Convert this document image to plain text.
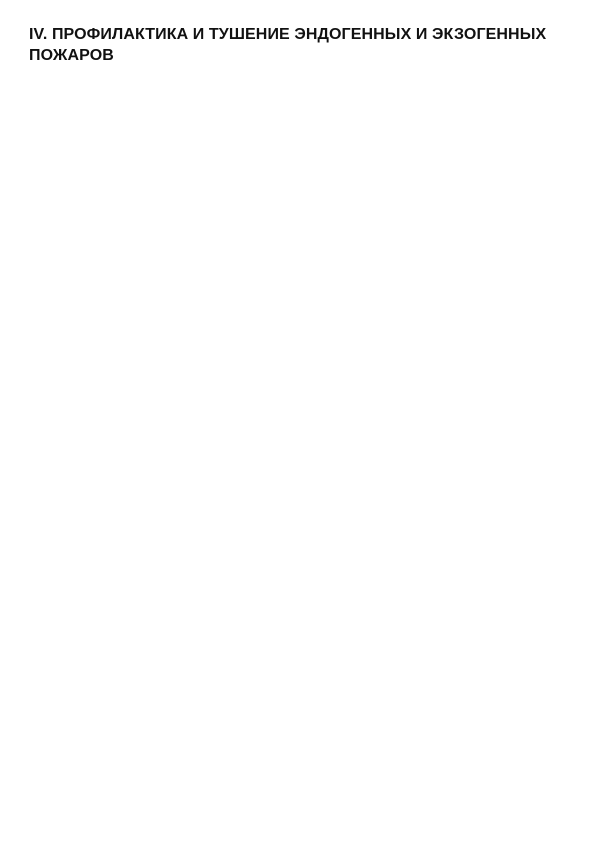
IV. ПРОФИЛАКТИКА И ТУШЕНИЕ ЭНДОГЕННЫХ И ЭКЗОГЕННЫХ ПОЖАРОВ
